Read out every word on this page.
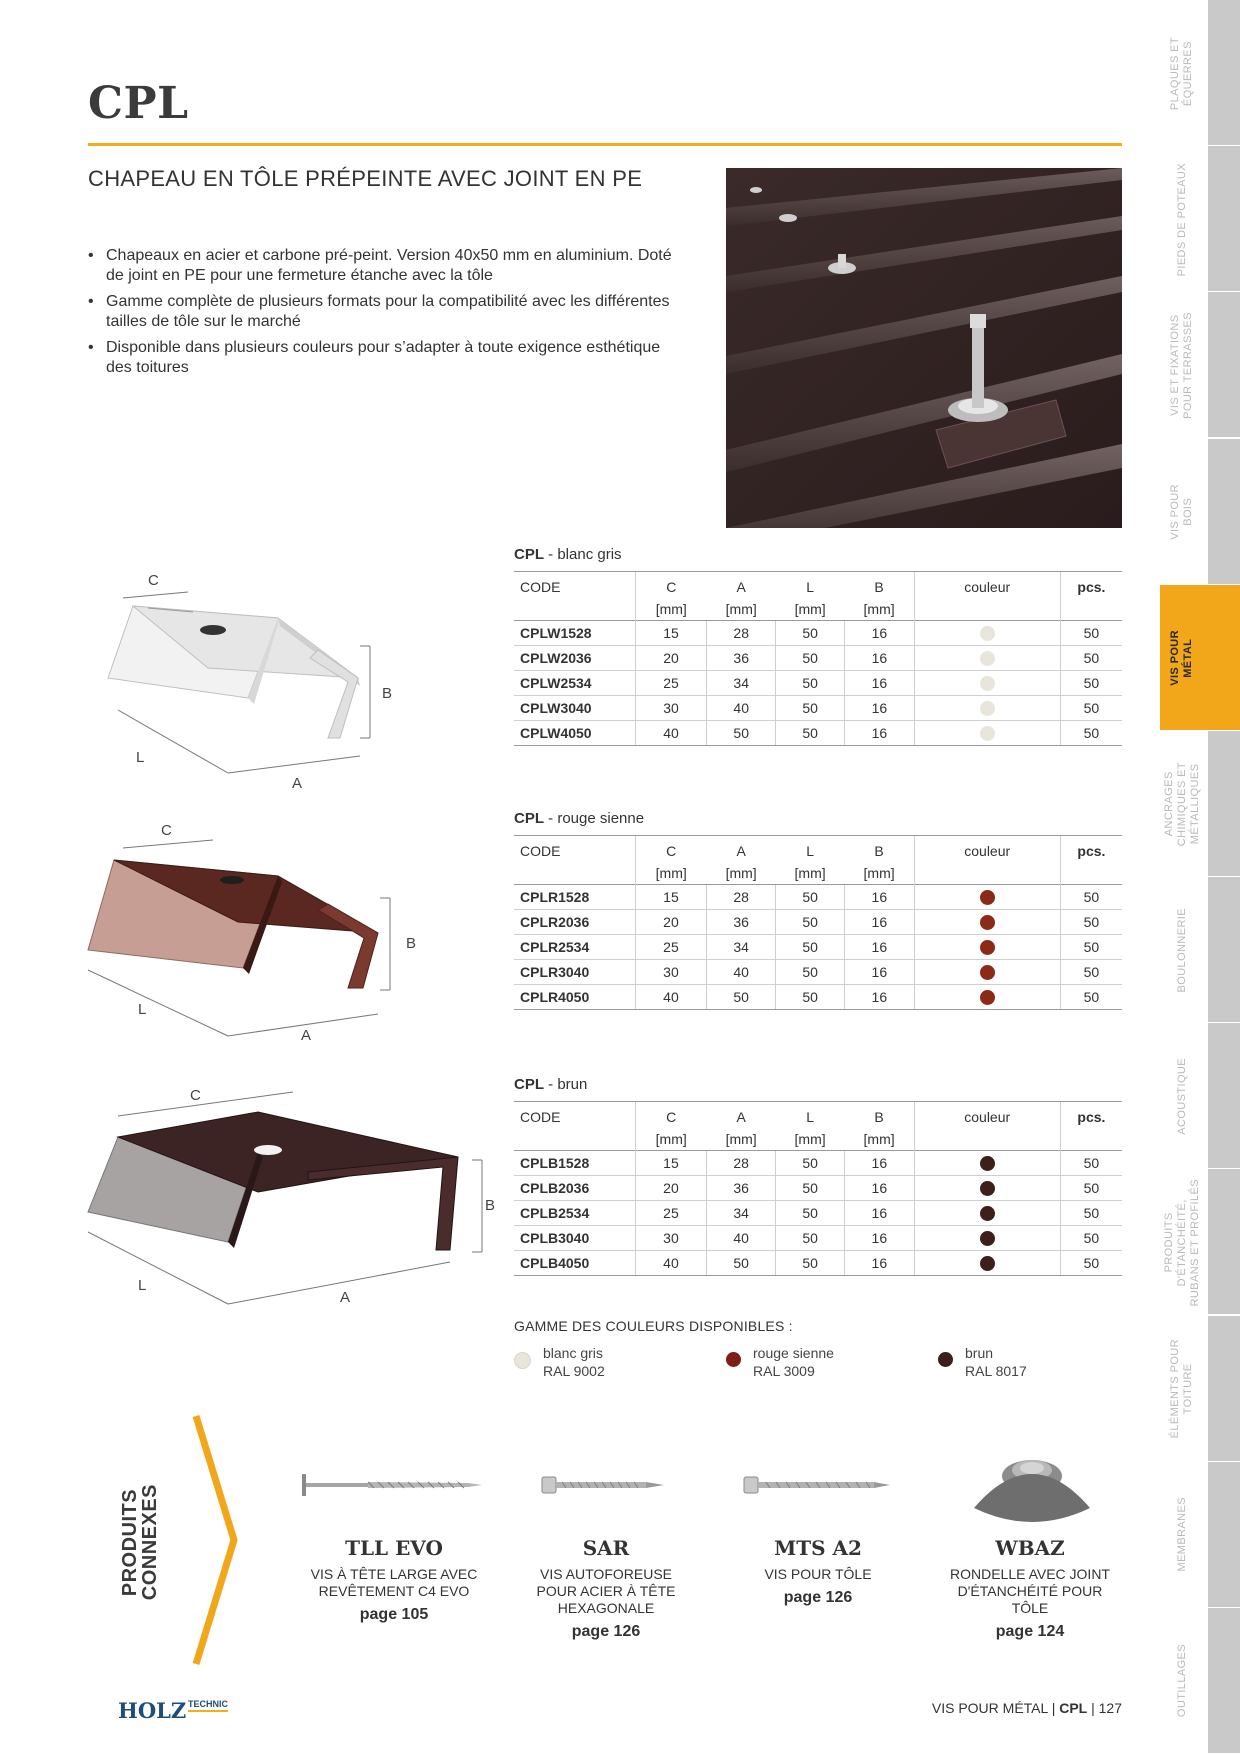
PLAQUES ET
ÉQUERRES
PIEDS DE POTEAUX
VIS ET FIXATIONS
POUR TERRASSES
VIS POUR
BOIS
VIS POUR
MÉTAL
ANCRAGES
CHIMIQUES ET
MÉTALLIQUES
BOULONNERIE
ACOUSTIQUE
PRODUITS
D'ÉTANCHÉITÉ,
RUBANS ET PROFILÉS
ÉLÉMENTS POUR
TOITURE
MEMBRANES
OUTILLAGES
CPL
CHAPEAU EN TÔLE PRÉPEINTE AVEC JOINT EN PE
• Chapeaux en acier et carbone pré-peint. Version 40x50 mm en aluminium. Doté de joint en PE pour une fermeture étanche avec la tôle
• Gamme complète de plusieurs formats pour la compatibilité avec les différentes tailles de tôle sur le marché
• Disponible dans plusieurs couleurs pour s’adapter à toute exigence esthétique des toitures
C
B
L
A
C
B
L
A
C
B
L
A
CPL - blanc gris
CODE	C	A	L	B	couleur	pcs.
	[mm]	[mm]	[mm]	[mm]		
CPLW1528	15	28	50	16		50
CPLW2036	20	36	50	16		50
CPLW2534	25	34	50	16		50
CPLW3040	30	40	50	16		50
CPLW4050	40	50	50	16		50
CPL - rouge sienne
CODE	C	A	L	B	couleur	pcs.
	[mm]	[mm]	[mm]	[mm]		
CPLR1528	15	28	50	16		50
CPLR2036	20	36	50	16		50
CPLR2534	25	34	50	16		50
CPLR3040	30	40	50	16		50
CPLR4050	40	50	50	16		50
CPL - brun
CODE	C	A	L	B	couleur	pcs.
	[mm]	[mm]	[mm]	[mm]		
CPLB1528	15	28	50	16		50
CPLB2036	20	36	50	16		50
CPLB2534	25	34	50	16		50
CPLB3040	30	40	50	16		50
CPLB4050	40	50	50	16		50
GAMME DES COULEURS DISPONIBLES :
blanc gris
RAL 9002
rouge sienne
RAL 3009
brun
RAL 8017
PRODUITS
CONNEXES	TLL EVO
VIS À TÊTE LARGE AVEC
REVÊTEMENT C4 EVO
page 105
SAR
VIS AUTOFOREUSE
POUR ACIER À TÊTE
HEXAGONALE
page 126
MTS A2
VIS POUR TÔLE
page 126
WBAZ
RONDELLE AVEC JOINT
D'ÉTANCHÉITÉ POUR
TÔLE
page 124
HOLZ TECHNIC	VIS POUR MÉTAL | CPL | 127
